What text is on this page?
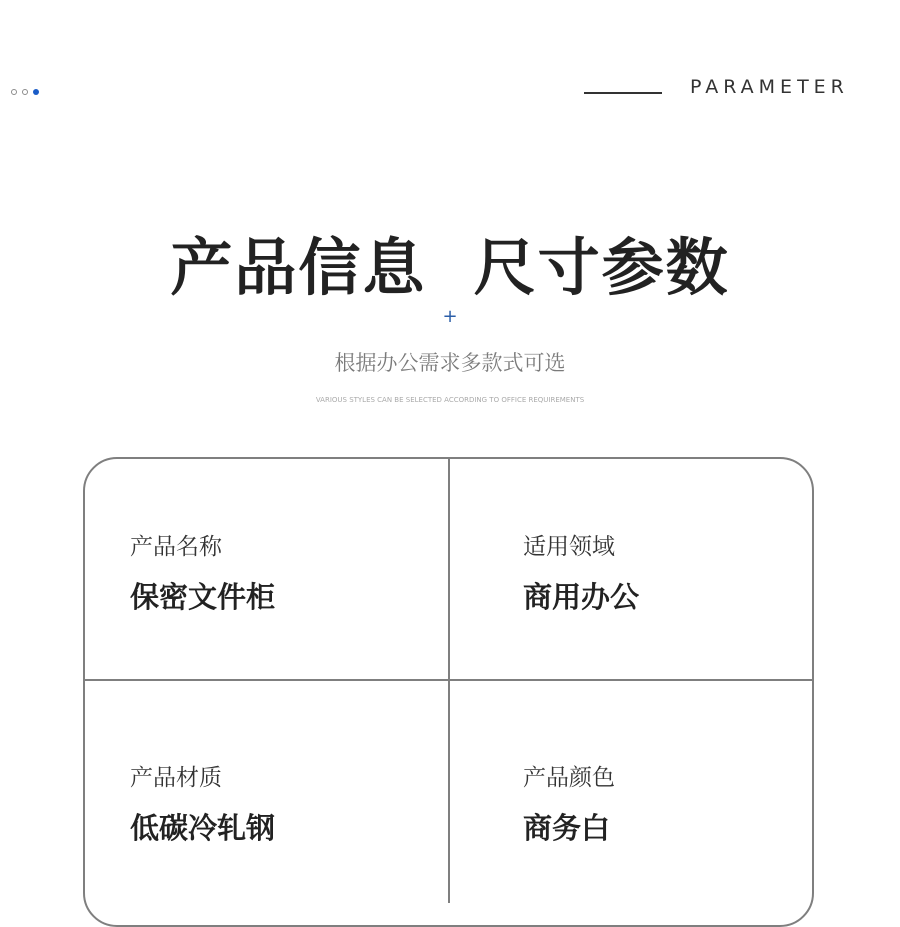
PARAMETER
产品信息  尺寸参数
+
根据办公需求多款式可选
VARIOUS STYLES CAN BE SELECTED ACCORDING TO OFFICE REQUIREMENTS
产品名称
保密文件柜
适用领域
商用办公
产品材质
低碳冷轧钢
产品颜色
商务白
